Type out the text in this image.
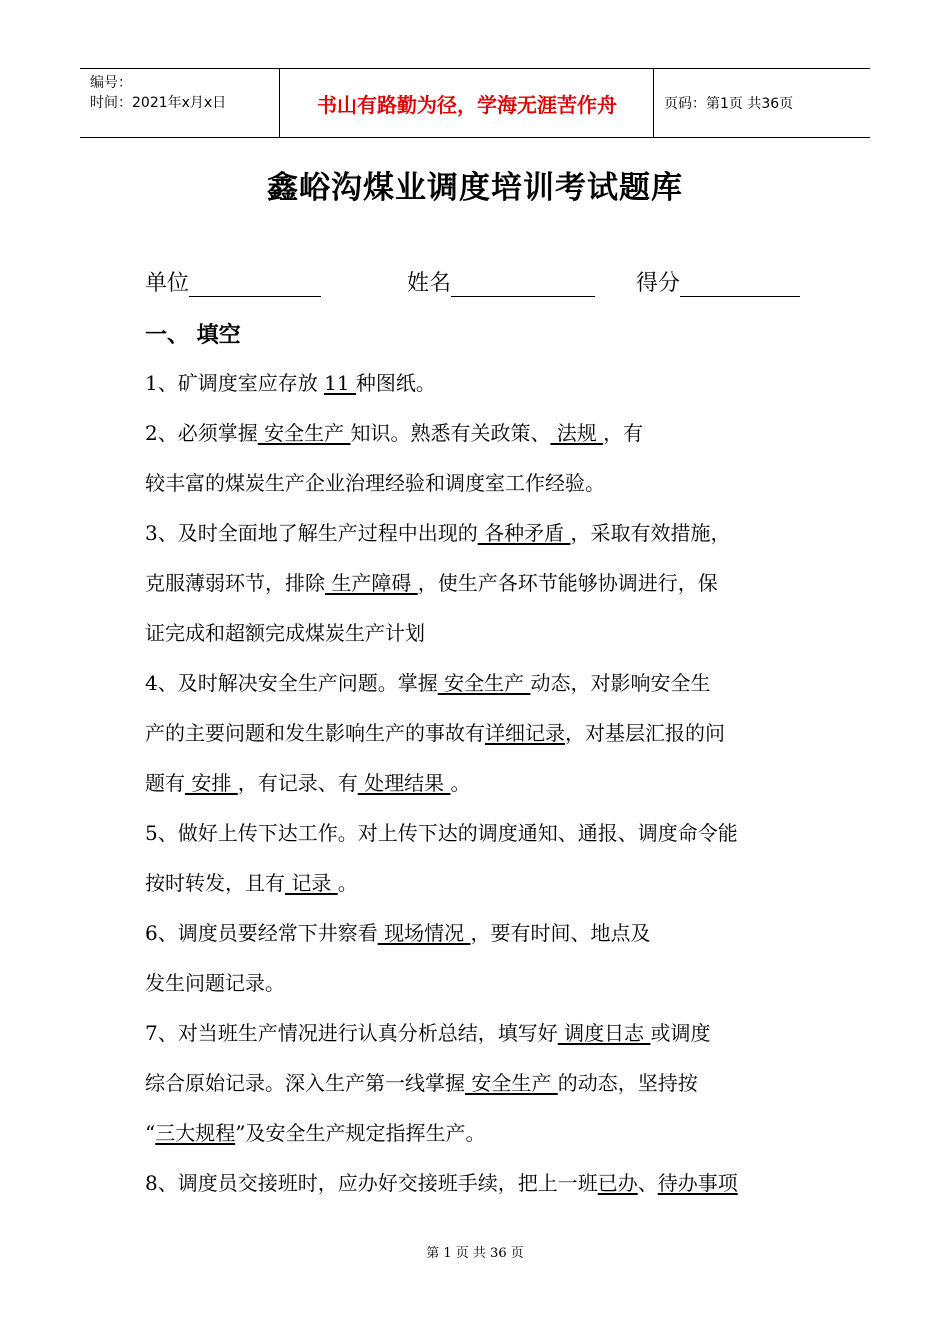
编号：
时间：2021年x月x日	书山有路勤为径，学海无涯苦作舟	页码：第1页 共36页
鑫峪沟煤业调度培训考试题库
单位	姓名	得分
一、 填空
1、矿调度室应存放 11 种图纸。
2、必须掌握 安全生产 知识。熟悉有关政策、 法规 ，有
较丰富的煤炭生产企业治理经验和调度室工作经验。
3、及时全面地了解生产过程中出现的 各种矛盾 ，采取有效措施，
克服薄弱环节，排除 生产障碍 ，使生产各环节能够协调进行，保
证完成和超额完成煤炭生产计划
4、及时解决安全生产问题。掌握 安全生产 动态，对影响安全生
产的主要问题和发生影响生产的事故有详细记录，对基层汇报的问
题有 安排 ，有记录、有 处理结果 。
5、做好上传下达工作。对上传下达的调度通知、通报、调度命令能
按时转发，且有 记录 。
6、调度员要经常下井察看 现场情况 ，要有时间、地点及
发生问题记录。
7、对当班生产情况进行认真分析总结，填写好 调度日志 或调度
综合原始记录。深入生产第一线掌握 安全生产 的动态，坚持按
“三大规程”及安全生产规定指挥生产。
8、调度员交接班时，应办好交接班手续，把上一班已办、待办事项
第 1 页 共 36 页
